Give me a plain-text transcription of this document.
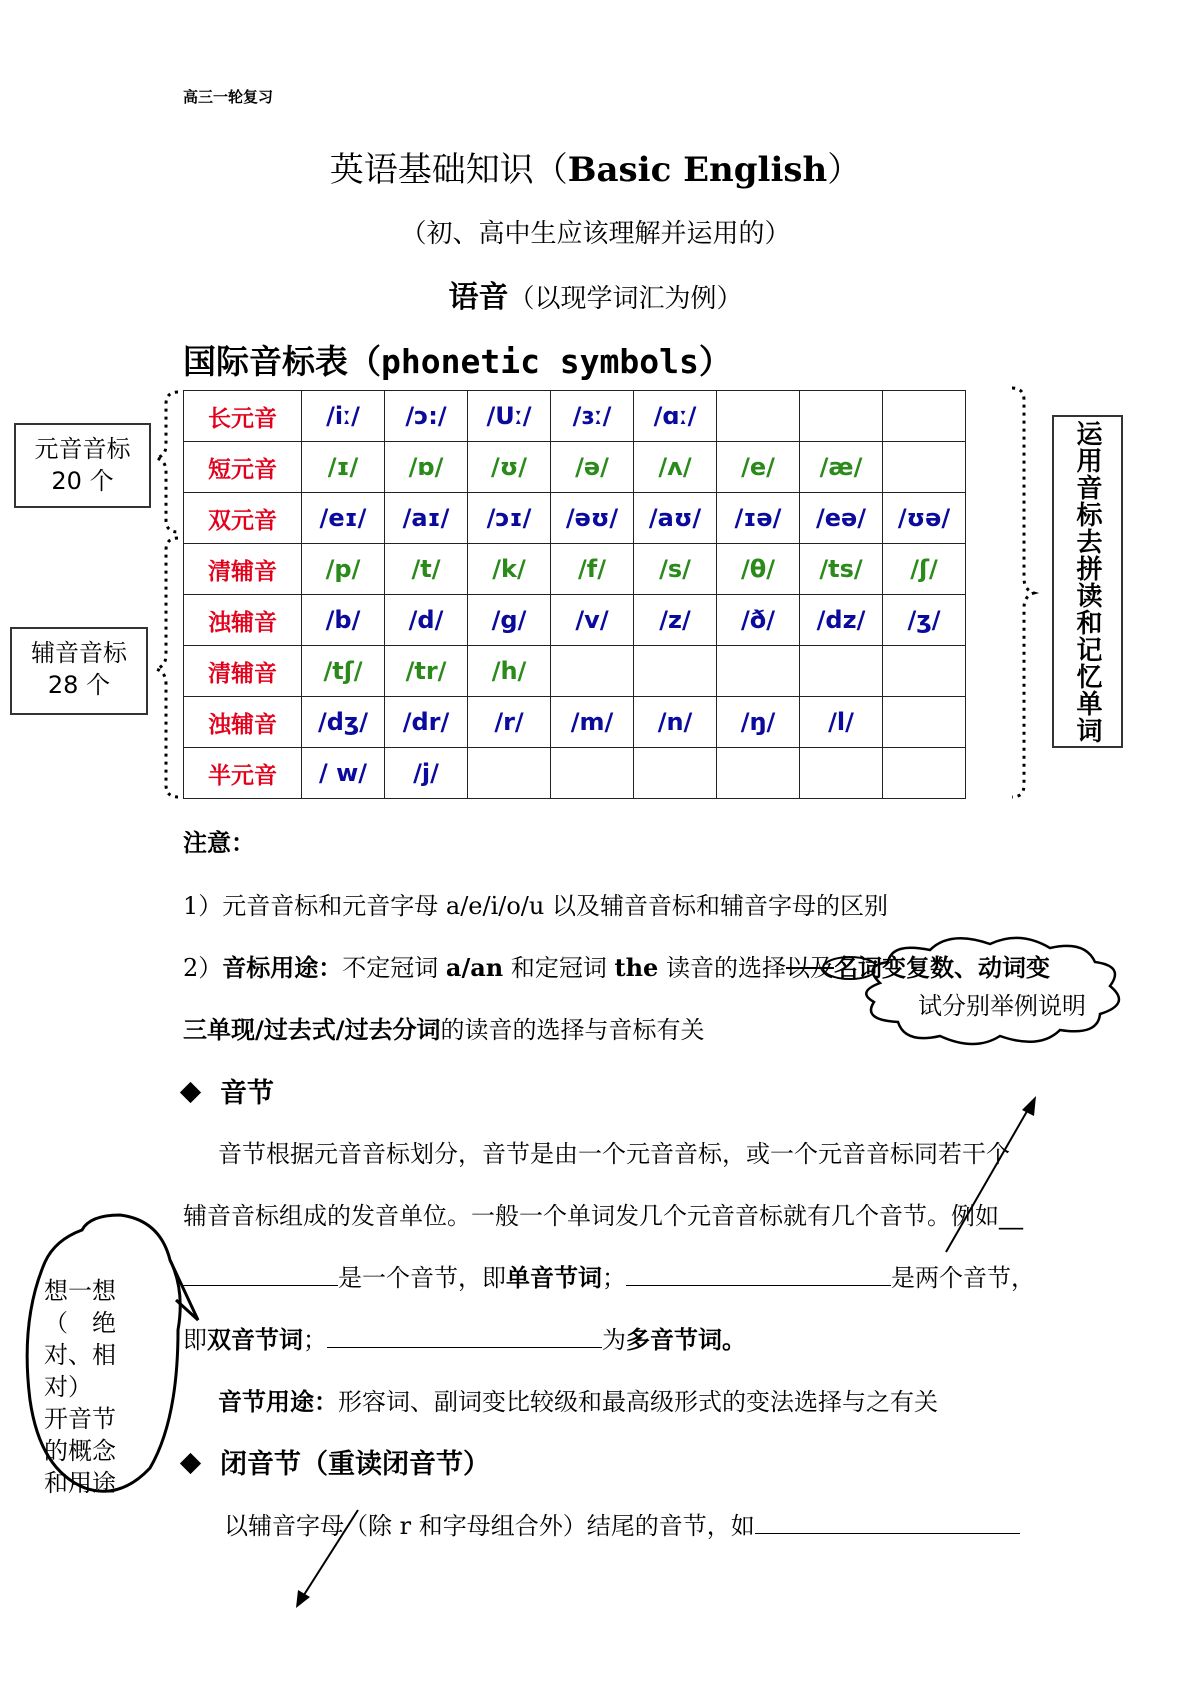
高三一轮复习
英语基础知识（Basic English）
（初、高中生应该理解并运用的）
语音（以现学词汇为例）
国际音标表（phonetic symbols）
长元音	/iː/	/ɔ:/	/Uː/	/ɜː/	/ɑː/			
短元音	/ɪ/	/ɒ/	/ʊ/	/ə/	/ʌ/	/e/	/æ/	
双元音	/eɪ/	/aɪ/	/ɔɪ/	/əʊ/	/aʊ/	/ɪə/	/eə/	/ʊə/
清辅音	/p/	/t/	/k/	/f/	/s/	/θ/	/ts/	/ʃ/
浊辅音	/b/	/d/	/g/	/v/	/z/	/ð/	/dz/	/ʒ/
清辅音	/tʃ/	/tr/	/h/					
浊辅音	/dʒ/	/dr/	/r/	/m/	/n/	/ŋ/	/l/	
半元音	/ w/	/j/						
元音音标
20 个
辅音音标
28 个	运用音标去拼读和记忆单词
注意：
1）元音音标和元音字母 a/e/i/o/u 以及辅音音标和辅音字母的区别
2）音标用途：不定冠词 a/an 和定冠词 the 读音的选择以及名词变复数、动词变
三单现/过去式/过去分词的读音的选择与音标有关
试分别举例说明
音节
音节根据元音音标划分，音节是由一个元音音标，或一个元音音标同若干个
辅音音标组成的发音单位。一般一个单词发几个元音音标就有几个音节。例如__
是一个音节，即单音节词；	是两个音节，
即双音节词；	为多音节词。
音节用途：形容词、副词变比较级和最高级形式的变法选择与之有关
想一想
（　绝
对、相
对）
开音节
的概念
和用途
闭音节（重读闭音节）
以辅音字母（除 r 和字母组合外）结尾的音节，如
